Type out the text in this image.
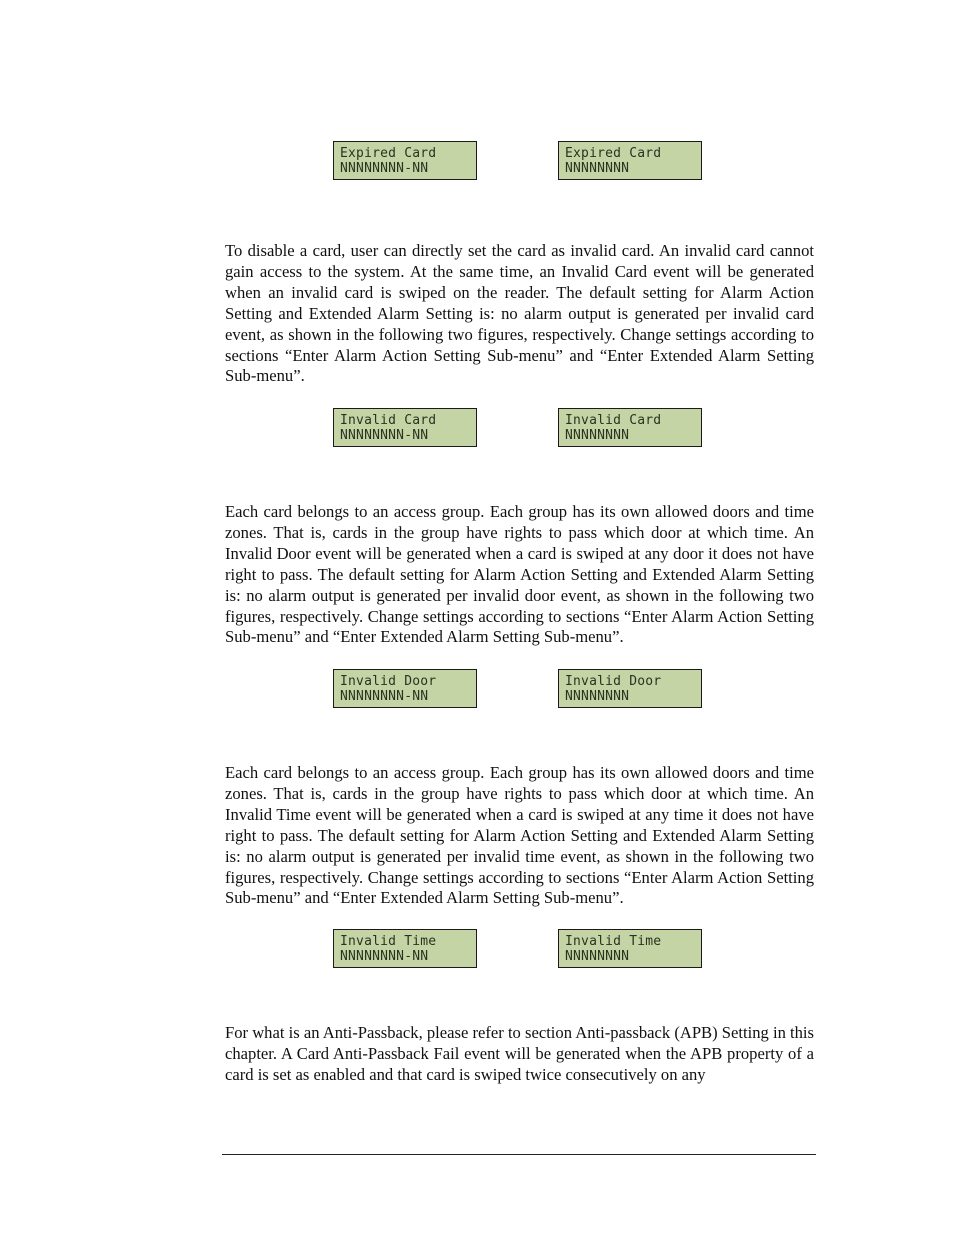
Expired Card
NNNNNNNN-NN
Expired Card
NNNNNNNN

To disable a card, user can directly set the card as invalid card. An invalid card cannot gain access to the system. At the same time, an Invalid Card event will be generated when an invalid card is swiped on the reader. The default setting for Alarm Action Setting and Extended Alarm Setting is: no alarm output is generated per invalid card event, as shown in the following two figures, respectively. Change settings according to sections “Enter Alarm Action Setting Sub-menu” and “Enter Extended Alarm Setting Sub-menu”.

Invalid Card
NNNNNNNN-NN
Invalid Card
NNNNNNNN

Each card belongs to an access group. Each group has its own allowed doors and time zones. That is, cards in the group have rights to pass which door at which time. An Invalid Door event will be generated when a card is swiped at any door it does not have right to pass. The default setting for Alarm Action Setting and Extended Alarm Setting is: no alarm output is generated per invalid door event, as shown in the following two figures, respectively. Change settings according to sections “Enter Alarm Action Setting Sub-menu” and “Enter Extended Alarm Setting Sub-menu”.

Invalid Door
NNNNNNNN-NN
Invalid Door
NNNNNNNN

Each card belongs to an access group. Each group has its own allowed doors and time zones. That is, cards in the group have rights to pass which door at which time. An Invalid Time event will be generated when a card is swiped at any time it does not have right to pass. The default setting for Alarm Action Setting and Extended Alarm Setting is: no alarm output is generated per invalid time event, as shown in the following two figures, respectively. Change settings according to sections “Enter Alarm Action Setting Sub-menu” and “Enter Extended Alarm Setting Sub-menu”.

Invalid Time
NNNNNNNN-NN
Invalid Time
NNNNNNNN

For what is an Anti-Passback, please refer to section Anti-passback (APB) Setting in this chapter. A Card Anti-Passback Fail event will be generated when the APB property of a card is set as enabled and that card is swiped twice consecutively on any
